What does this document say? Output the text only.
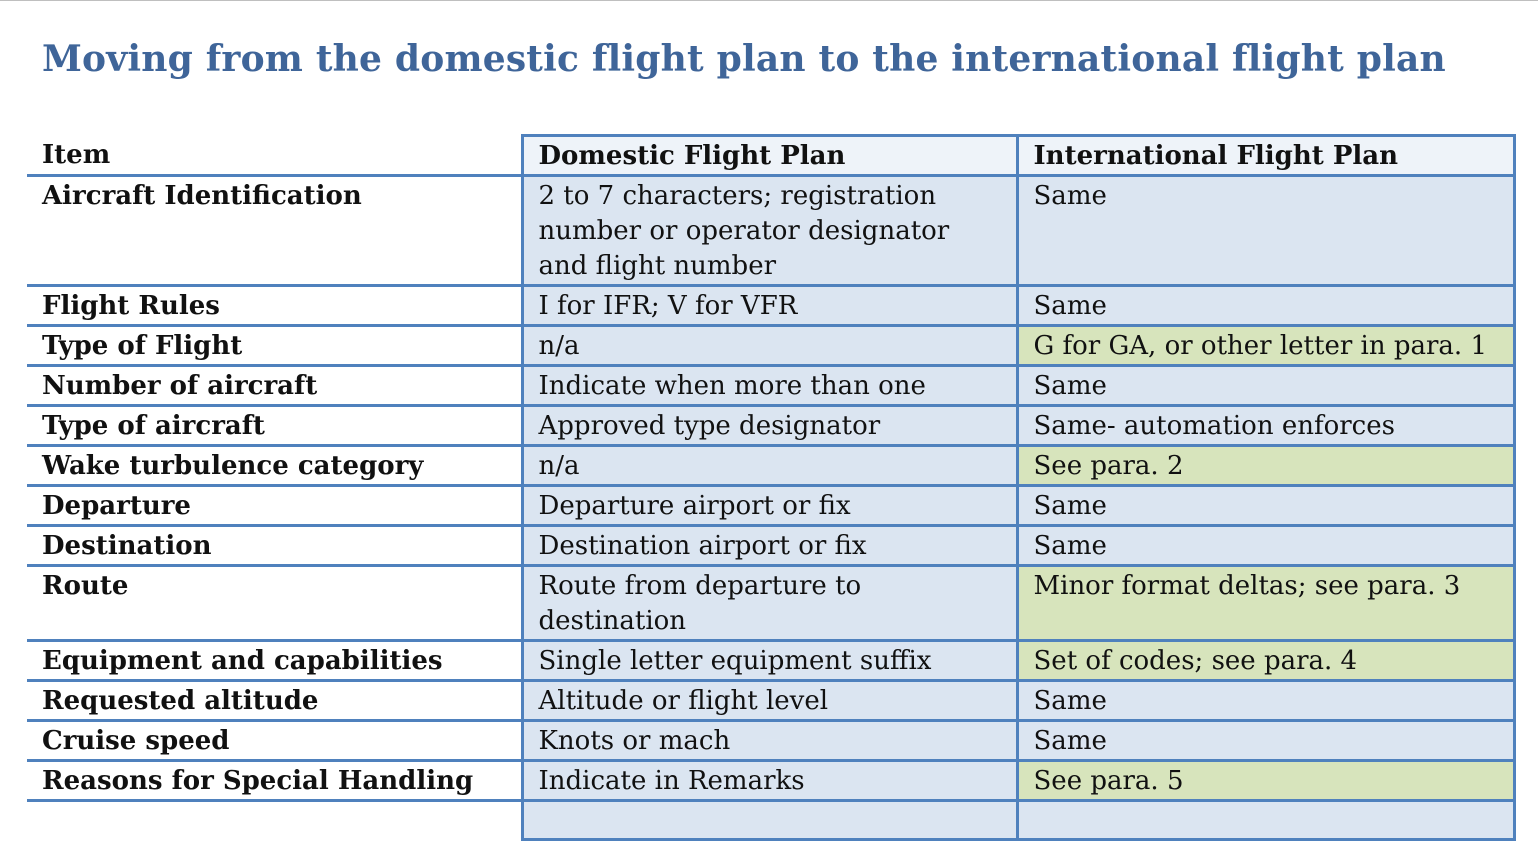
Moving from the domestic flight plan to the international flight plan
Item	Domestic Flight Plan	International Flight Plan
Aircraft Identification	2 to 7 characters; registration number or operator designator and flight number	Same
Flight Rules	I for IFR; V for VFR	Same
Type of Flight	n/a	G for GA, or other letter in para. 1
Number of aircraft	Indicate when more than one	Same
Type of aircraft	Approved type designator	Same- automation enforces
Wake turbulence category	n/a	See para. 2
Departure	Departure airport or fix	Same
Destination	Destination airport or fix	Same
Route	Route from departure to destination	Minor format deltas; see para. 3
Equipment and capabilities	Single letter equipment suffix	Set of codes; see para. 4
Requested altitude	Altitude or flight level	Same
Cruise speed	Knots or mach	Same
Reasons for Special Handling	Indicate in Remarks	See para. 5
